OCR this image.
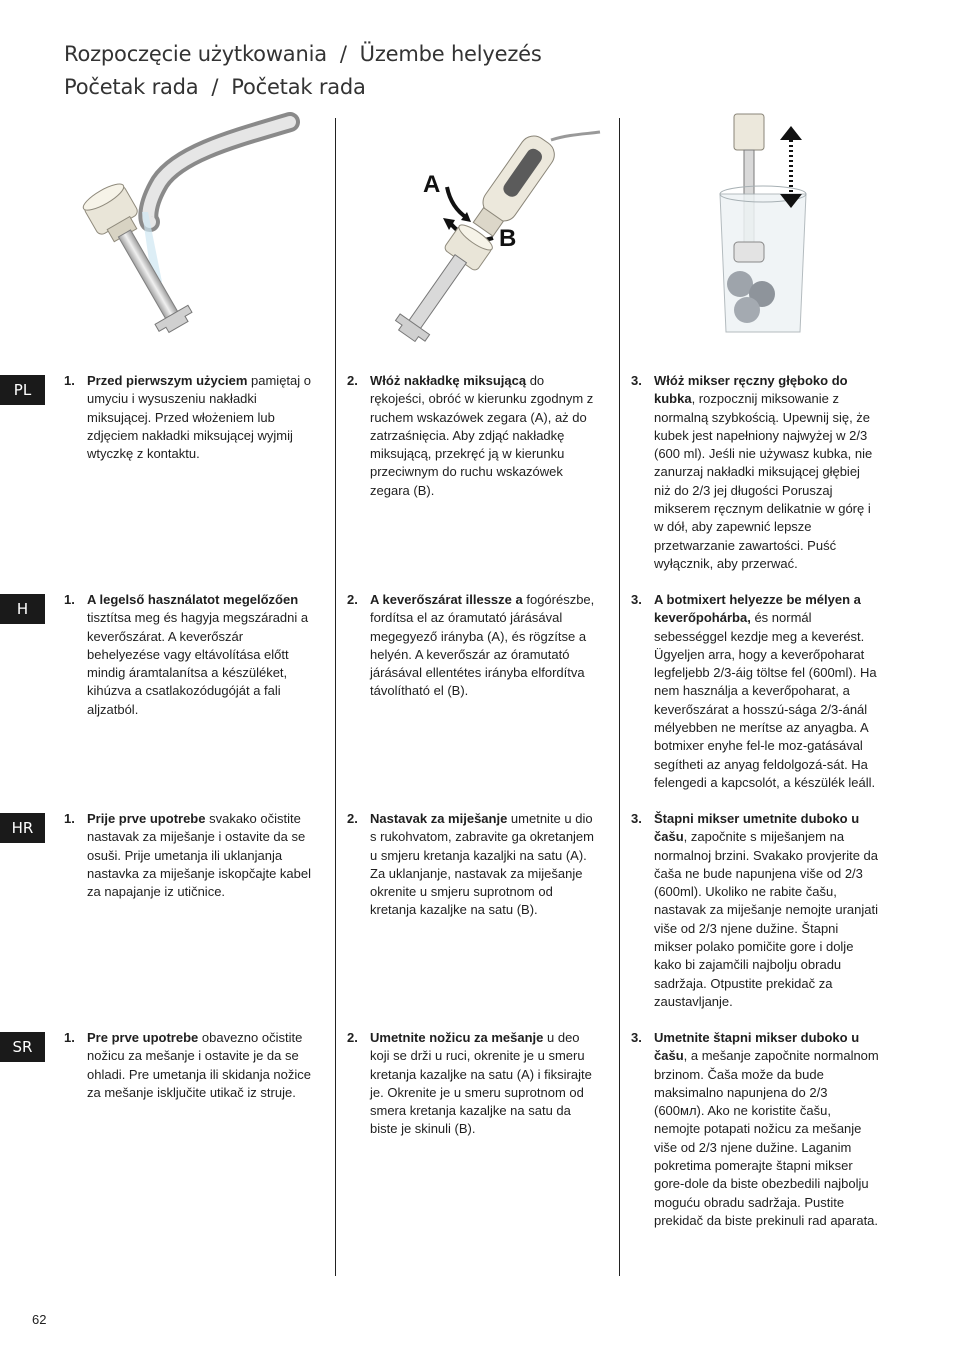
Rozpoczęcie użytkowania  /  Üzembe helyezés
Početak rada  /  Početak rada
A
B
PL
1. Przed pierwszym użyciem pamiętaj o umyciu i wysuszeniu nakładki miksującej. Przed włożeniem lub zdjęciem nakładki miksującej wyjmij wtyczkę z kontaktu.
2. Włóż nakładkę miksującą do rękojeści, obróć w kierunku zgodnym z ruchem wskazówek zegara (A), aż do zatrzaśnięcia. Aby zdjąć nakładkę miksującą, przekręć ją w kierunku przeciwnym do ruchu wskazówek zegara (B).
3. Włóż mikser ręczny głęboko do kubka, rozpocznij miksowanie z normalną szybkością. Upewnij się, że kubek jest napełniony najwyżej w 2/3 (600 ml). Jeśli nie używasz kubka, nie zanurzaj nakładki miksującej głębiej niż do 2/3 jej długości Poruszaj mikserem ręcznym delikatnie w górę i w dół, aby zapewnić lepsze przetwarzanie zawartości. Puść wyłącznik, aby przerwać.
H
1. A legelső használatot megelőzően tisztítsa meg és hagyja megszáradni a keverőszárat. A keverőszár behelyezése vagy eltávolítása előtt mindig áramtalanítsa a készüléket, kihúzva a csatlakozódugóját a fali aljzatból.
2. A keverőszárat illessze a fogórészbe, fordítsa el az óramutató járásával megegyező irányba (A), és rögzítse a helyén. A keverőszár az óramutató járásával ellentétes irányba elfordítva távolítható el (B).
3. A botmixert helyezze be mélyen a keverőpohárba, és normál sebességgel kezdje meg a keverést. Ügyeljen arra, hogy a keverőpoharat legfeljebb 2/3-áig töltse fel (600ml). Ha nem használja a keverőpoharat, a keverőszárat a hosszú-sága 2/3-ánál mélyebben ne merítse az anyagba. A botmixer enyhe fel-le moz-gatásával segítheti az anyag feldolgozá-sát. Ha felengedi a kapcsolót, a készülék leáll.
HR
1. Prije prve upotrebe svakako očistite nastavak za miješanje i ostavite da se osuši. Prije umetanja ili uklanjanja nastavka za miješanje iskopčajte kabel za napajanje iz utičnice.
2. Nastavak za miješanje umetnite u dio s rukohvatom, zabravite ga okretanjem u smjeru kretanja kazaljki na satu (A). Za uklanjanje, nastavak za miješanje okrenite u smjeru suprotnom od kretanja kazaljke na satu (B).
3. Štapni mikser umetnite duboko u čašu, započnite s miješanjem na normalnoj brzini. Svakako provjerite da čaša ne bude napunjena više od 2/3 (600ml). Ukoliko ne rabite čašu, nastavak za miješanje nemojte uranjati više od 2/3 njene dužine. Štapni mikser polako pomičite gore i dolje kako bi zajamčili najbolju obradu sadržaja. Otpustite prekidač za zaustavljanje.
SR
1. Pre prve upotrebe obavezno očistite nožicu za mešanje i ostavite je da se ohladi. Pre umetanja ili skidanja nožice za mešanje isključite utikač iz struje.
2. Umetnite nožicu za mešanje u deo koji se drži u ruci, okrenite je u smeru kretanja kazaljke na satu (A) i fiksirajte je. Okrenite je u smeru suprotnom od smera kretanja kazaljke na satu da biste je skinuli (B).
3. Umetnite štapni mikser duboko u čašu, a mešanje započnite normalnom brzinom. Čaša može da bude maksimalno napunjena do 2/3 (600мл). Ako ne koristite čašu, nemojte potapati nožicu za mešanje više od 2/3 njene dužine. Laganim pokretima pomerajte štapni mikser gore-dole da biste obezbedili najbolju moguću obradu sadržaja. Pustite prekidač da biste prekinuli rad aparata.
62
